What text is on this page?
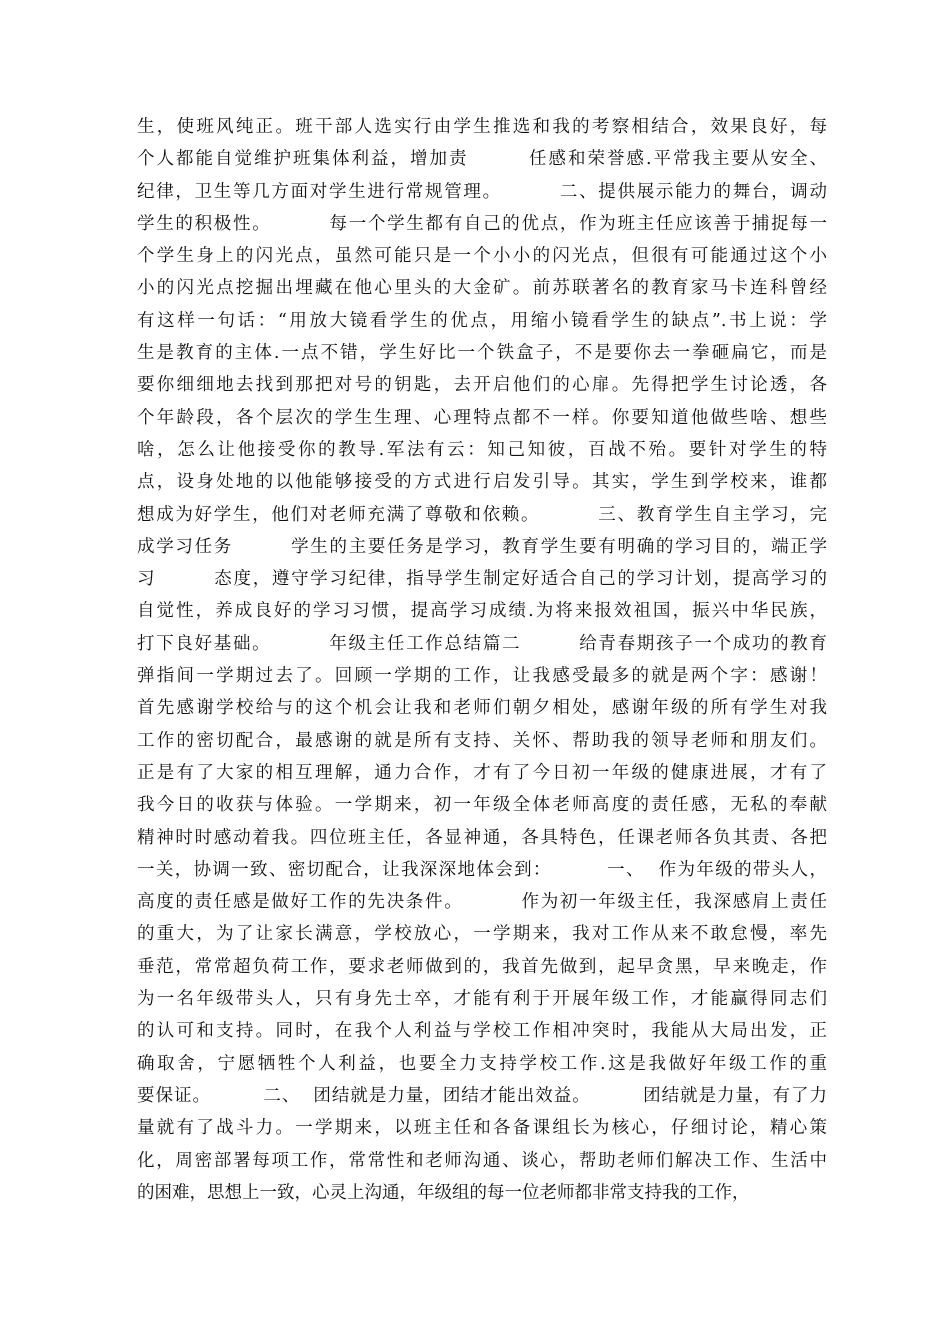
生，使班风纯正。班干部人选实行由学生推选和我的考察相结合，效果良好，每
个人都能自觉维护班集体利益，增加责        任感和荣誉感.平常我主要从安全、
纪律，卫生等几方面对学生进行常规管理。        二、提供展示能力的舞台，调动
学生的积极性。        每一个学生都有自己的优点，作为班主任应该善于捕捉每一
个学生身上的闪光点，虽然可能只是一个小小的闪光点，但很有可能通过这个小
小的闪光点挖掘出埋藏在他心里头的大金矿。前苏联著名的教育家马卡连科曾经
有这样一句话：“用放大镜看学生的优点，用缩小镜看学生的缺点”.书上说：学
生是教育的主体.一点不错，学生好比一个铁盒子，不是要你去一拳砸扁它，而是
要你细细地去找到那把对号的钥匙，去开启他们的心扉。先得把学生讨论透，各
个年龄段，各个层次的学生生理、心理特点都不一样。你要知道他做些啥、想些
啥，怎么让他接受你的教导.军法有云：知己知彼，百战不殆。要针对学生的特
点，设身处地的以他能够接受的方式进行启发引导。其实，学生到学校来，谁都
想成为好学生，他们对老师充满了尊敬和依赖。        三、教育学生自主学习，完
成学习任务        学生的主要任务是学习，教育学生要有明确的学习目的，端正学
习        态度，遵守学习纪律，指导学生制定好适合自己的学习计划，提高学习的
自觉性，养成良好的学习习惯，提高学习成绩.为将来报效祖国，振兴中华民族，
打下良好基础。        年级主任工作总结篇二        给青春期孩子一个成功的教育
弹指间一学期过去了。回顾一学期的工作，让我感受最多的就是两个字：感谢！
首先感谢学校给与的这个机会让我和老师们朝夕相处，感谢年级的所有学生对我
工作的密切配合，最感谢的就是所有支持、关怀、帮助我的领导老师和朋友们。
正是有了大家的相互理解，通力合作，才有了今日初一年级的健康进展，才有了
我今日的收获与体验。一学期来，初一年级全体老师高度的责任感，无私的奉献
精神时时感动着我。四位班主任，各显神通，各具特色，任课老师各负其责、各把
一关，协调一致、密切配合，让我深深地体会到：        一、  作为年级的带头人，
高度的责任感是做好工作的先决条件。        作为初一年级主任，我深感肩上责任
的重大，为了让家长满意，学校放心，一学期来，我对工作从来不敢怠慢，率先
垂范，常常超负荷工作，要求老师做到的，我首先做到，起早贪黑，早来晚走，作
为一名年级带头人，只有身先士卒，才能有利于开展年级工作，才能赢得同志们
的认可和支持。同时，在我个人利益与学校工作相冲突时，我能从大局出发，正
确取舍，宁愿牺牲个人利益，也要全力支持学校工作.这是我做好年级工作的重
要保证。        二、  团结就是力量，团结才能出效益。        团结就是力量，有了力
量就有了战斗力。一学期来，以班主任和各备课组长为核心，仔细讨论，精心策
化，周密部署每项工作，常常性和老师沟通、谈心，帮助老师们解决工作、生活中
的困难，思想上一致，心灵上沟通，年级组的每一位老师都非常支持我的工作，
